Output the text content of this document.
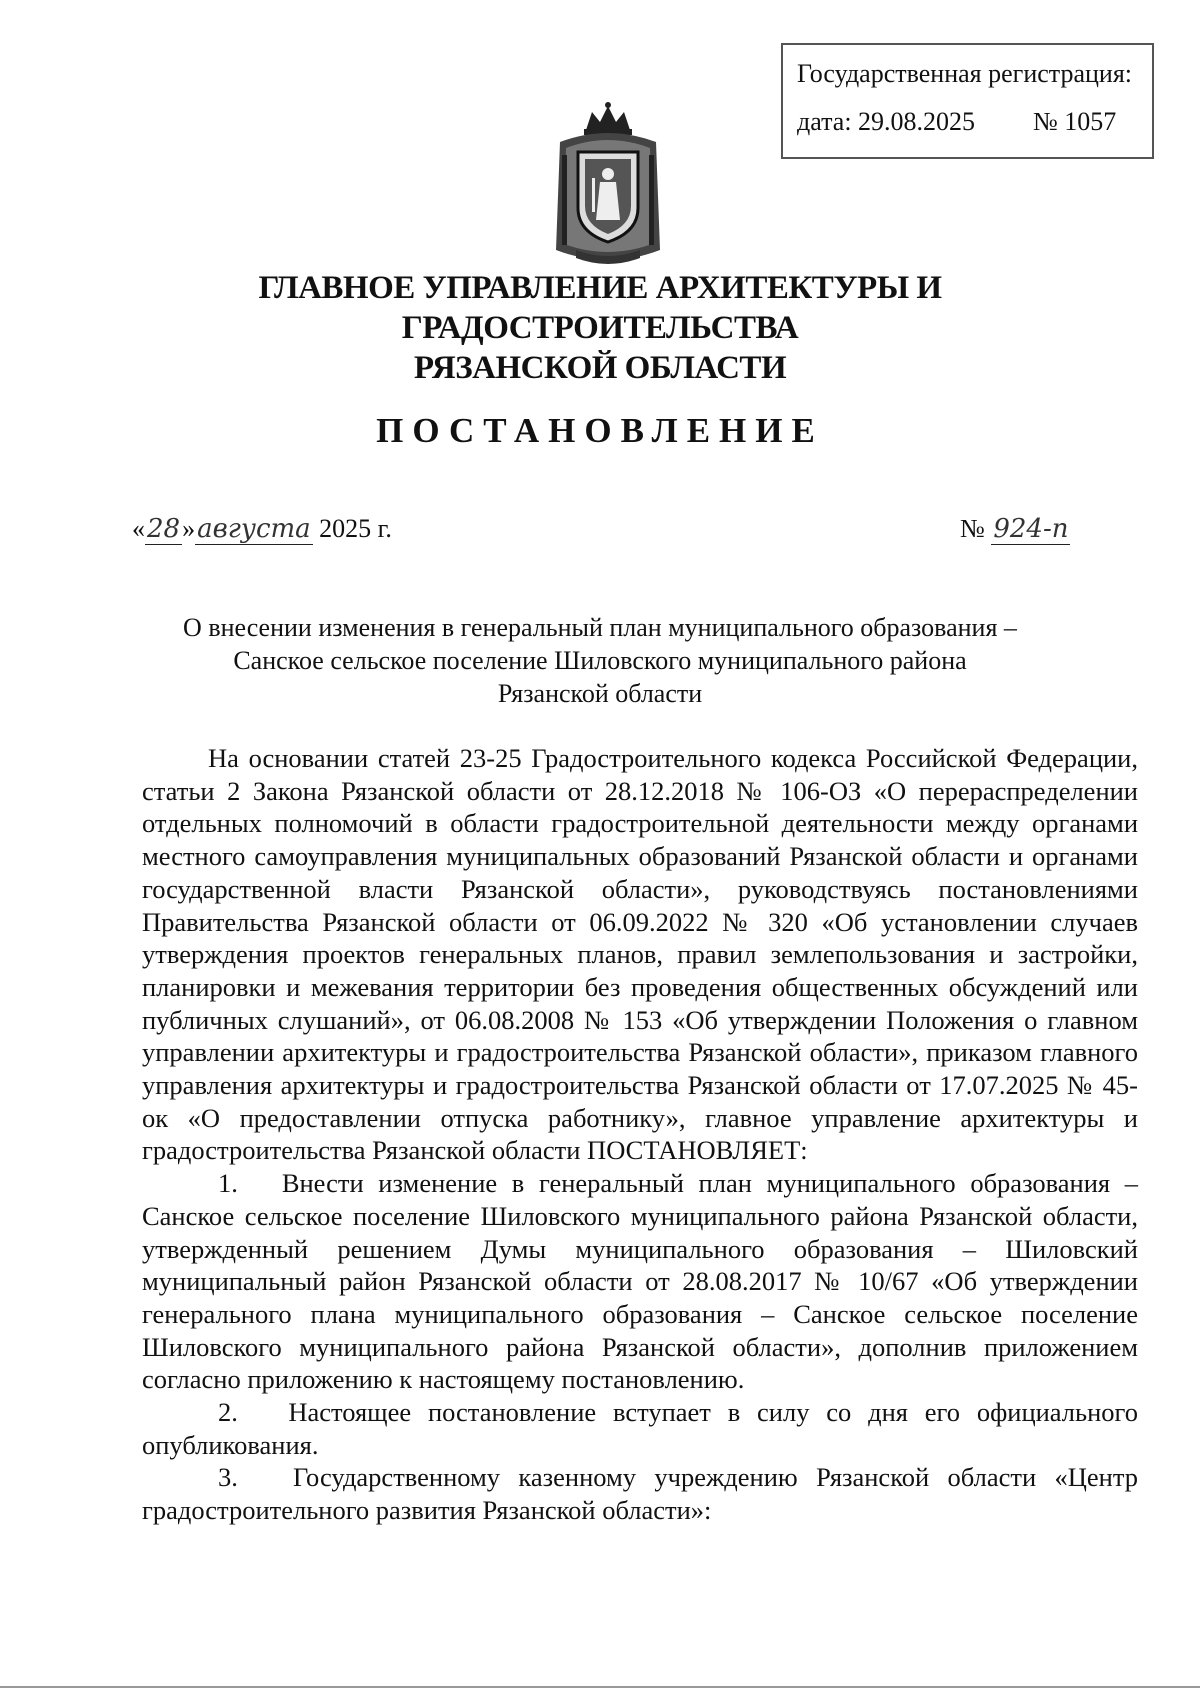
Государственная регистрация:
дата: 29.08.2025 № 1057
ГЛАВНОЕ УПРАВЛЕНИЕ АРХИТЕКТУРЫ И ГРАДОСТРОИТЕЛЬСТВА
РЯЗАНСКОЙ ОБЛАСТИ
ПОСТАНОВЛЕНИЕ
«28»августа 2025 г.	№ 924-п
О внесении изменения в генеральный план муниципального образования –
Санское сельское поселение Шиловского муниципального района
Рязанской области

На основании статей 23-25 Градостроительного кодекса Российской Федерации, статьи 2 Закона Рязанской области от 28.12.2018 № 106-ОЗ «О перераспределении отдельных полномочий в области градостроительной деятельности между органами местного самоуправления муниципальных образований Рязанской области и органами государственной власти Рязанской области», руководствуясь постановлениями Правительства Рязанской области от 06.09.2022 № 320 «Об установлении случаев утверждения проектов генеральных планов, правил землепользования и застройки, планировки и межевания территории без проведения общественных обсуждений или публичных слушаний», от 06.08.2008 № 153 «Об утверждении Положения о главном управлении архитектуры и градостроительства Рязанской области», приказом главного управления архитектуры и градостроительства Рязанской области от 17.07.2025 № 45-ок «О предоставлении отпуска работнику», главное управление архитектуры и градостроительства Рязанской области ПОСТАНОВЛЯЕТ:

1. Внести изменение в генеральный план муниципального образования – Санское сельское поселение Шиловского муниципального района Рязанской области, утвержденный решением Думы муниципального образования – Шиловский муниципальный район Рязанской области от 28.08.2017 № 10/67 «Об утверждении генерального плана муниципального образования – Санское сельское поселение Шиловского муниципального района Рязанской области», дополнив приложением согласно приложению к настоящему постановлению.

2. Настоящее постановление вступает в силу со дня его официального опубликования.

3. Государственному казенному учреждению Рязанской области «Центр градостроительного развития Рязанской области»:
